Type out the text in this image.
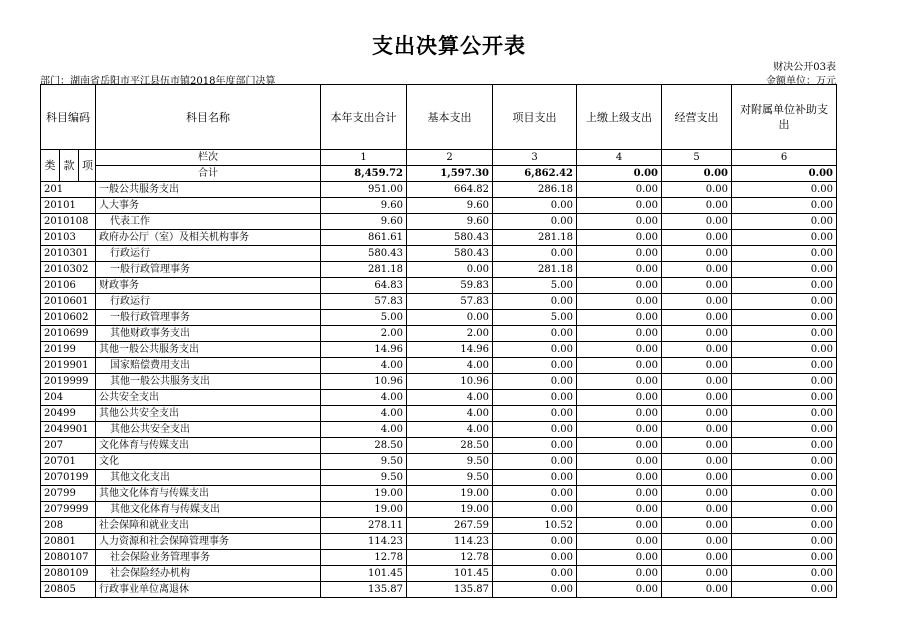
支出决算公开表
财决公开03表
部门：湖南省岳阳市平江县伍市镇2018年度部门决算	金额单位：万元
科目编码			科目名称	本年支出合计	基本支出	项目支出	上缴上级支出	经营支出	对附属单位补助支出
类	款	项	栏次	1	2	3	4	5	6
			合计	8,459.72	1,597.30	6,862.42	0.00	0.00	0.00
201			一般公共服务支出	951.00	664.82	286.18	0.00	0.00	0.00
20101			人大事务	9.60	9.60	0.00	0.00	0.00	0.00
2010108			代表工作	9.60	9.60	0.00	0.00	0.00	0.00
20103			政府办公厅（室）及相关机构事务	861.61	580.43	281.18	0.00	0.00	0.00
2010301			行政运行	580.43	580.43	0.00	0.00	0.00	0.00
2010302			一般行政管理事务	281.18	0.00	281.18	0.00	0.00	0.00
20106			财政事务	64.83	59.83	5.00	0.00	0.00	0.00
2010601			行政运行	57.83	57.83	0.00	0.00	0.00	0.00
2010602			一般行政管理事务	5.00	0.00	5.00	0.00	0.00	0.00
2010699			其他财政事务支出	2.00	2.00	0.00	0.00	0.00	0.00
20199			其他一般公共服务支出	14.96	14.96	0.00	0.00	0.00	0.00
2019901			国家赔偿费用支出	4.00	4.00	0.00	0.00	0.00	0.00
2019999			其他一般公共服务支出	10.96	10.96	0.00	0.00	0.00	0.00
204			公共安全支出	4.00	4.00	0.00	0.00	0.00	0.00
20499			其他公共安全支出	4.00	4.00	0.00	0.00	0.00	0.00
2049901			其他公共安全支出	4.00	4.00	0.00	0.00	0.00	0.00
207			文化体育与传媒支出	28.50	28.50	0.00	0.00	0.00	0.00
20701			文化	9.50	9.50	0.00	0.00	0.00	0.00
2070199			其他文化支出	9.50	9.50	0.00	0.00	0.00	0.00
20799			其他文化体育与传媒支出	19.00	19.00	0.00	0.00	0.00	0.00
2079999			其他文化体育与传媒支出	19.00	19.00	0.00	0.00	0.00	0.00
208			社会保障和就业支出	278.11	267.59	10.52	0.00	0.00	0.00
20801			人力资源和社会保障管理事务	114.23	114.23	0.00	0.00	0.00	0.00
2080107			社会保险业务管理事务	12.78	12.78	0.00	0.00	0.00	0.00
2080109			社会保险经办机构	101.45	101.45	0.00	0.00	0.00	0.00
20805			行政事业单位离退休	135.87	135.87	0.00	0.00	0.00	0.00
